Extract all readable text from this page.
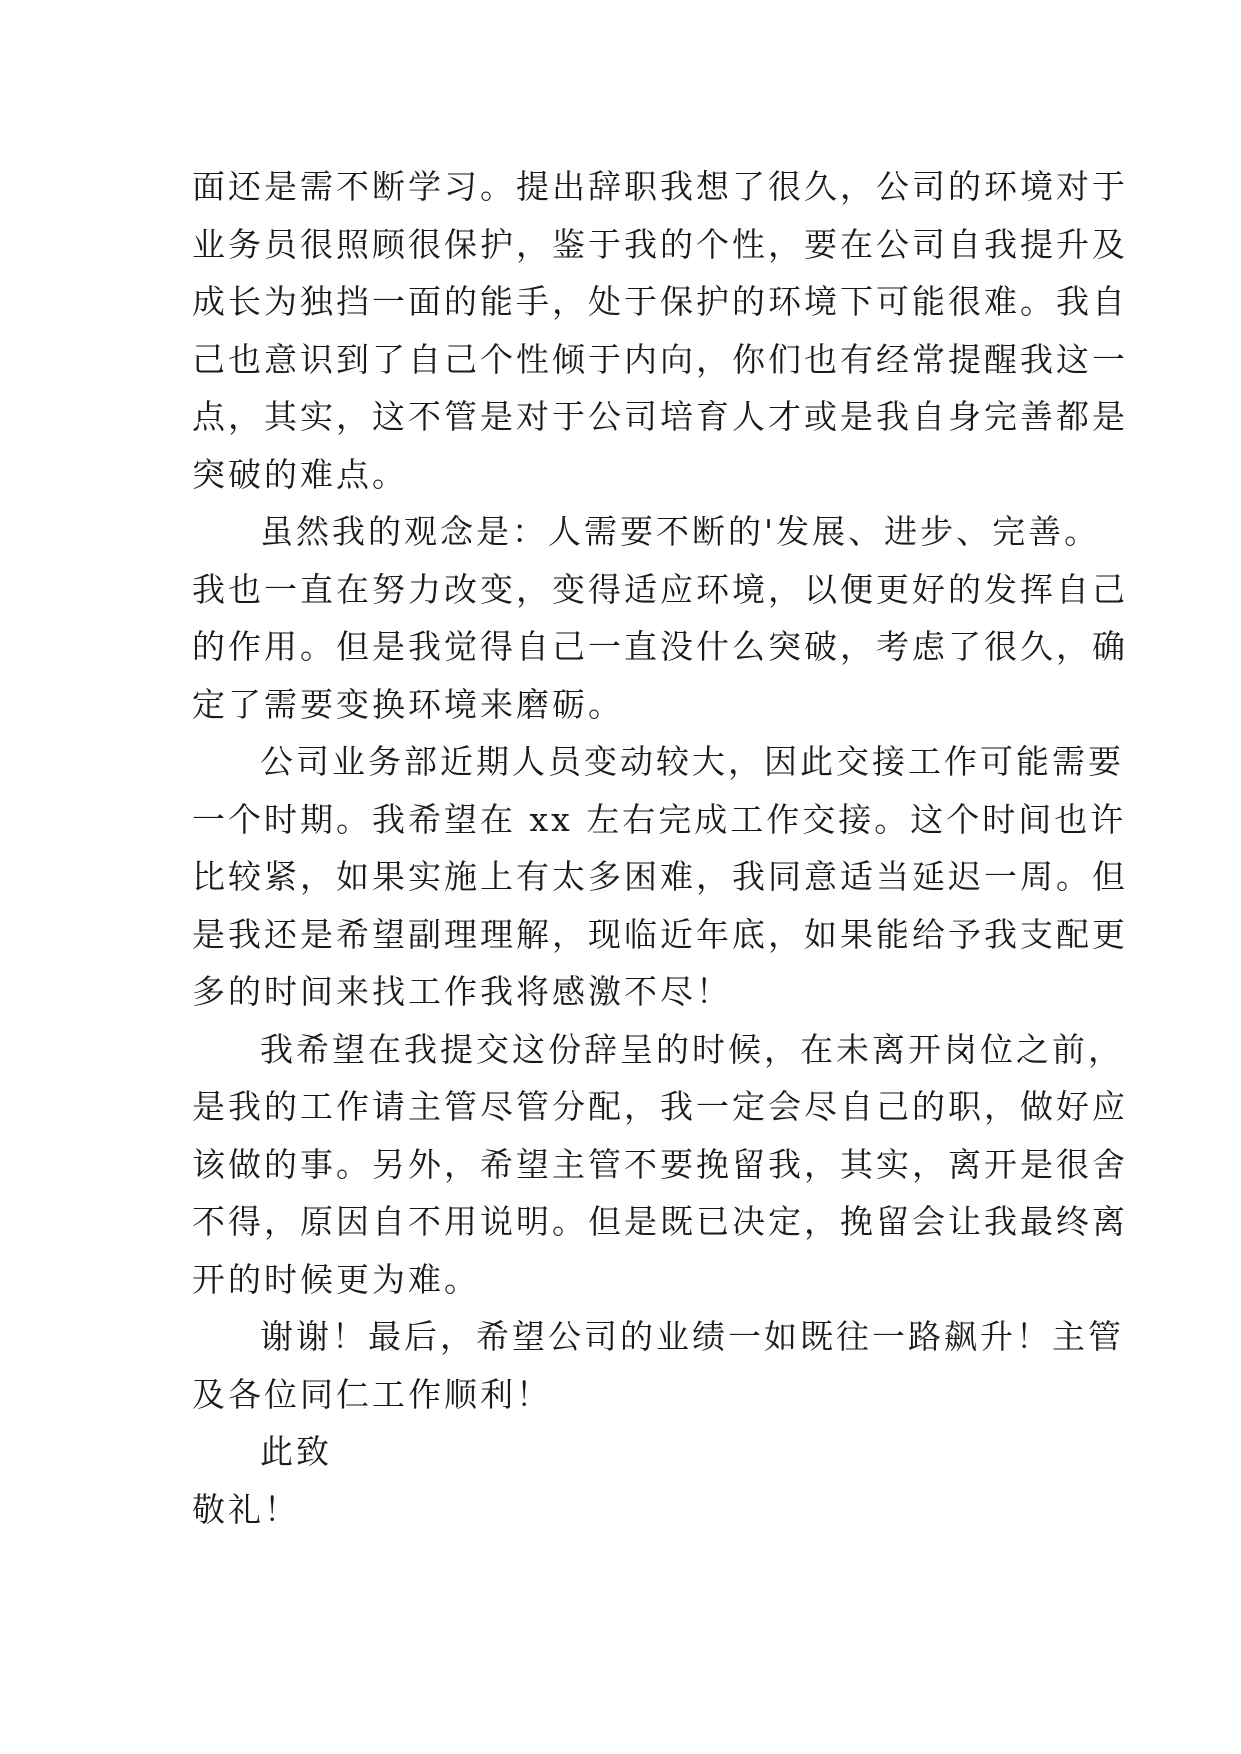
面还是需不断学习。提出辞职我想了很久，公司的环境对于
业务员很照顾很保护，鉴于我的个性，要在公司自我提升及
成长为独挡一面的能手，处于保护的环境下可能很难。我自
己也意识到了自己个性倾于内向，你们也有经常提醒我这一
点，其实，这不管是对于公司培育人才或是我自身完善都是
突破的难点。
虽然我的观念是：人需要不断的'发展、进步、完善。
我也一直在努力改变，变得适应环境，以便更好的发挥自己
的作用。但是我觉得自己一直没什么突破，考虑了很久，确
定了需要变换环境来磨砺。
公司业务部近期人员变动较大，因此交接工作可能需要
一个时期。我希望在 xx 左右完成工作交接。这个时间也许
比较紧，如果实施上有太多困难，我同意适当延迟一周。但
是我还是希望副理理解，现临近年底，如果能给予我支配更
多的时间来找工作我将感激不尽！
我希望在我提交这份辞呈的时候，在未离开岗位之前，
是我的工作请主管尽管分配，我一定会尽自己的职，做好应
该做的事。另外，希望主管不要挽留我，其实，离开是很舍
不得，原因自不用说明。但是既已决定，挽留会让我最终离
开的时候更为难。
谢谢！最后，希望公司的业绩一如既往一路飙升！主管
及各位同仁工作顺利！
此致
敬礼！
